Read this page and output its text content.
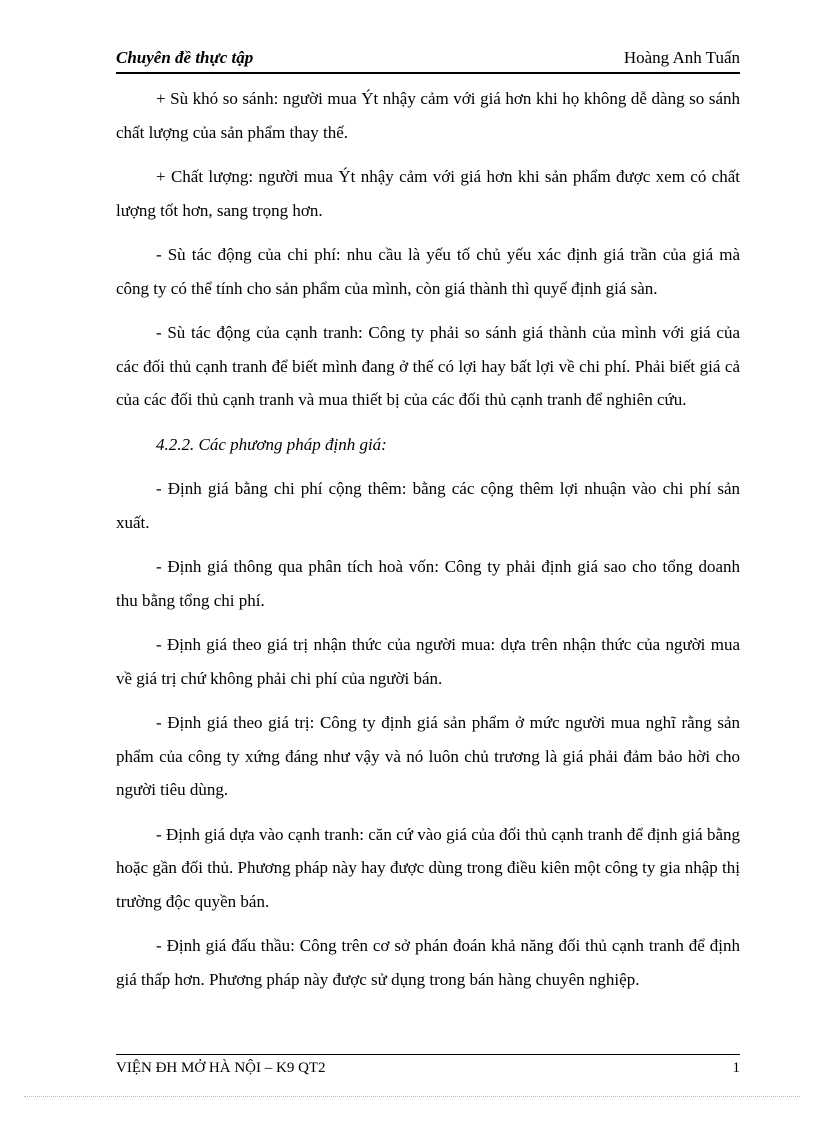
Chuyên đề thực tập	Hoàng Anh Tuấn

+ Sù khó so sánh: người mua Ýt nhậy cảm với giá hơn khi họ không dễ dàng so sánh chất lượng của sản phẩm thay thế.

+ Chất lượng: người mua Ýt nhậy cảm với giá hơn khi sản phẩm được xem có chất lượng tốt hơn, sang trọng hơn.

- Sù tác động của chi phí: nhu cầu là yếu tố chủ yếu xác định giá trần của giá mà công ty có thể tính cho sản phẩm của mình, còn giá thành thì quyế định giá sàn.

- Sù tác động của cạnh tranh: Công ty phải so sánh giá thành của mình với giá của các đối thủ cạnh tranh để biết mình đang ở thế có lợi hay bất lợi về chi phí. Phải biết giá cả của các đối thủ cạnh tranh và mua thiết bị của các đối thủ cạnh tranh để nghiên cứu.

4.2.2. Các phương pháp định giá:

- Định giá bằng chi phí cộng thêm: bằng các cộng thêm lợi nhuận vào chi phí sản xuất.

- Định giá thông qua phân tích hoà vốn: Công ty phải định giá sao cho tổng doanh thu bằng tổng chi phí.

- Định giá theo giá trị nhận thức của người mua: dựa trên nhận thức của người mua về giá trị chứ không phải chi phí của người bán.

- Định giá theo giá trị: Công ty định giá sản phẩm ở mức người mua nghĩ rằng sản phẩm của công ty xứng đáng như vậy và nó luôn chủ trương là giá phải đảm bảo hời cho người tiêu dùng.

- Định giá dựa vào cạnh tranh: căn cứ vào giá của đối thủ cạnh tranh để định giá bằng hoặc gần đối thủ. Phương pháp này hay được dùng trong điều kiên một công ty gia nhập thị trường độc quyền bán.

- Định giá đấu thầu: Công trên cơ sở phán đoán khả năng đối thủ cạnh tranh để định giá thấp hơn. Phương pháp này được sử dụng trong bán hàng chuyên nghiệp.

VIỆN ĐH MỞ HÀ NỘI – K9 QT2	1
